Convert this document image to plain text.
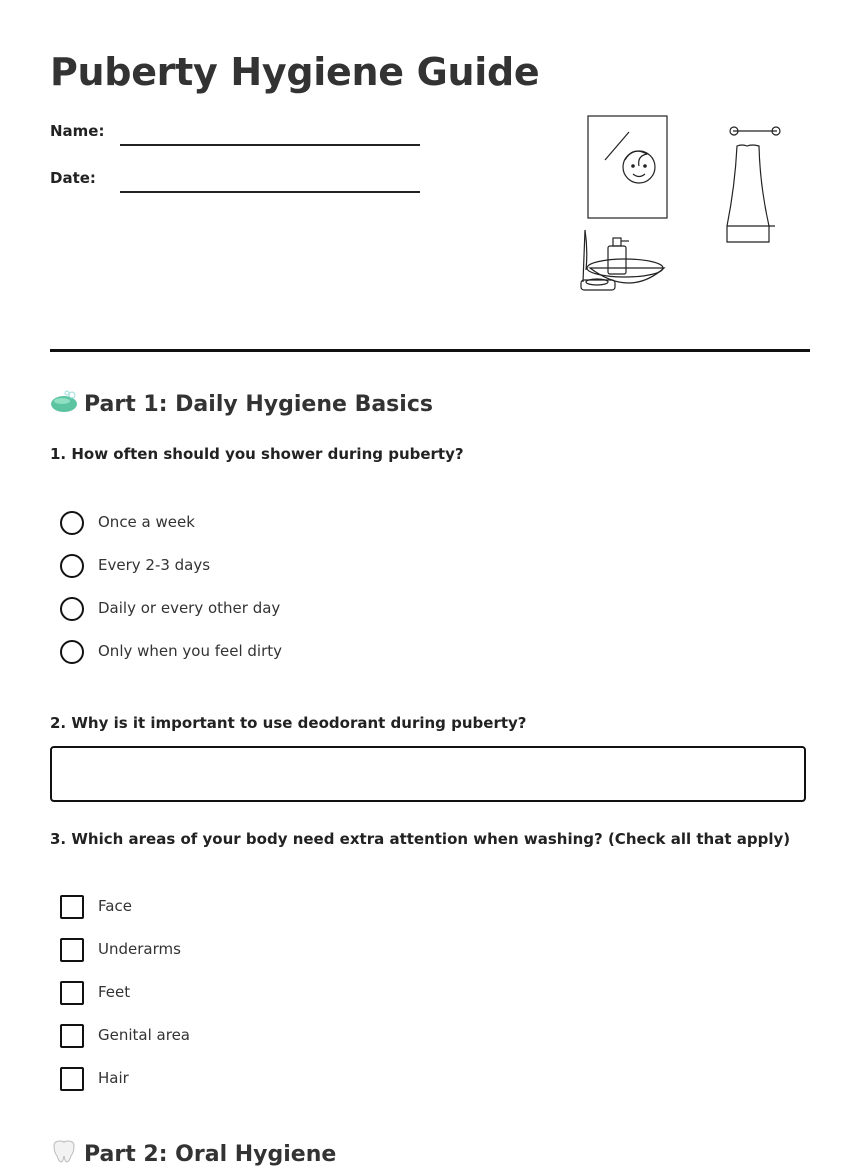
Puberty Hygiene Guide
Name:
Date:
Part 1: Daily Hygiene Basics

1. How often should you shower during puberty?

Once a week
Every 2-3 days
Daily or every other day
Only when you feel dirty

2. Why is it important to use deodorant during puberty?

3. Which areas of your body need extra attention when washing? (Check all that apply)

Face
Underarms
Feet
Genital area
Hair
Part 2: Oral Hygiene
